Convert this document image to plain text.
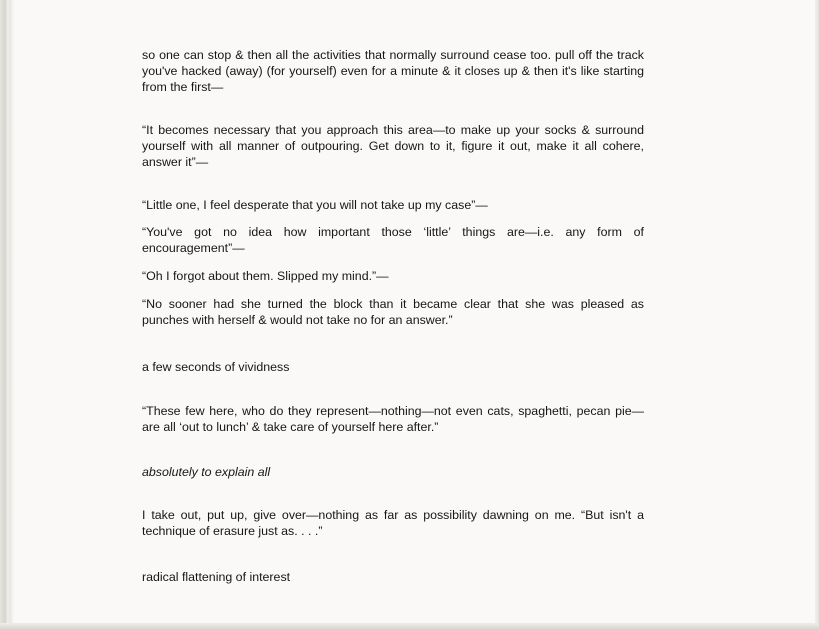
so one can stop & then all the activities that normally surround cease too. pull off the track you've hacked (away) (for yourself) even for a minute & it closes up & then it's like starting from the first—

“It becomes necessary that you approach this area—to make up your socks & surround yourself with all manner of outpouring. Get down to it, figure it out, make it all cohere, answer it”—

“Little one, I feel desperate that you will not take up my case”—

“You've got no idea how important those ‘little’ things are—i.e. any form of encouragement”—

“Oh I forgot about them. Slipped my mind.”—

“No sooner had she turned the block than it became clear that she was pleased as punches with herself & would not take no for an answer.”

a few seconds of vividness

“These few here, who do they represent—nothing—not even cats, spaghetti, pecan pie—are all ‘out to lunch’ & take care of yourself here after.”

absolutely to explain all

I take out, put up, give over—nothing as far as possibility dawning on me. “But isn't a technique of erasure just as. . . .”

radical flattening of interest
